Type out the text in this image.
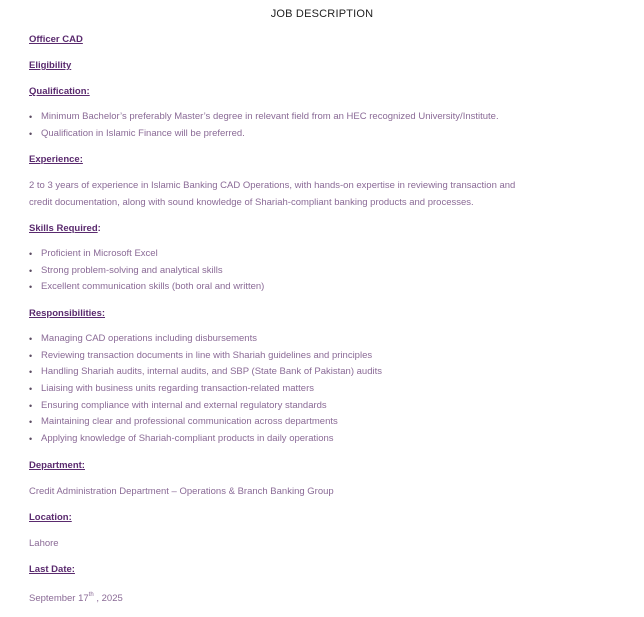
JOB DESCRIPTION
Officer CAD
Eligibility
Qualification:
• Minimum Bachelor’s preferably Master’s degree in relevant field from an HEC recognized University/Institute.
• Qualification in Islamic Finance will be preferred.
Experience:
2 to 3 years of experience in Islamic Banking CAD Operations, with hands-on expertise in reviewing transaction and
credit documentation, along with sound knowledge of Shariah-compliant banking products and processes.
Skills Required:
• Proficient in Microsoft Excel
• Strong problem-solving and analytical skills
• Excellent communication skills (both oral and written)
Responsibilities:
• Managing CAD operations including disbursements
• Reviewing transaction documents in line with Shariah guidelines and principles
• Handling Shariah audits, internal audits, and SBP (State Bank of Pakistan) audits
• Liaising with business units regarding transaction-related matters
• Ensuring compliance with internal and external regulatory standards
• Maintaining clear and professional communication across departments
• Applying knowledge of Shariah-compliant products in daily operations
Department:
Credit Administration Department – Operations & Branch Banking Group
Location:
Lahore
Last Date:
September 17th , 2025
